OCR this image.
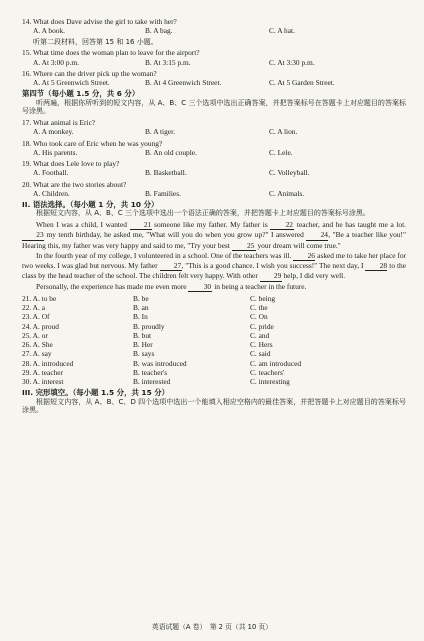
14. What does Dave advise the girl to take with her?
A. A book.	B. A bag.	C. A hat.
听第二段材料，回答第 15 和 16 小题。
15. What time does the woman plan to leave for the airport?
A. At 3:00 p.m.	B. At 3:15 p.m.	C. At 3:30 p.m.
16. Where can the driver pick up the woman?
A. At 5 Greenwich Street.	B. At 4 Greenwich Street.	C. At 5 Garden Street.
第四节（每小题 1.5 分，共 6 分）
听两遍，根据你所听到的短文内容，从 A、B、C 三个选项中选出正确答案，并把答案标号在答题卡上对应题目的答案标号涂黑。
17. What animal is Eric?
A. A monkey.	B. A tiger.	C. A lion.
18. Who took care of Eric when he was young?
A. His parents.	B. An old couple.	C. Lele.
19. What does Lele love to play?
A. Football.	B. Basketball.	C. Volleyball.
20. What are the two stories about?
A. Children.	B. Families.	C. Animals.
II. 语法选择。（每小题 1 分，共 10 分）
根据短文内容，从 A、B、C 三个选项中选出一个语法正确的答案，并把答题卡上对应题目的答案标号涂黑。
When I was a child, I wanted 21 someone like my father. My father is 22 teacher, and he has taught me a lot. 23 my tenth birthday, he asked me, "What will you do when you grow up?" I answered 24, "Be a teacher like you!" Hearing this, my father was very happy and said to me, "Try your best 25 your dream will come true."
In the fourth year of my college, I volunteered in a school. One of the teachers was ill. 26 asked me to take her place for two weeks. I was glad but nervous. My father 27, "This is a good chance. I wish you success!" The next day, I 28 to the class by the head teacher of the school. The children felt very happy. With other 29 help, I did very well.
Personally, the experience has made me even more 30 in being a teacher in the future.
21. A. to be	B. be	C. being
22. A. a	B. an	C. the
23. A. Of	B. In	C. On
24. A. proud	B. proudly	C. pride
25. A. or	B. but	C. and
26. A. She	B. Her	C. Hers
27. A. say	B. says	C. said
28. A. introduced	B. was introduced	C. am introduced
29. A. teacher	B. teacher's	C. teachers'
30. A. interest	B. interested	C. interesting
III. 完形填空。（每小题 1.5 分，共 15 分）
根据短文内容，从 A、B、C、D 四个选项中选出一个能填入相应空格内的最佳答案，并把答题卡上对应题目的答案标号涂黑。
英语试题（A 卷）　第 2 页（共 10 页）
